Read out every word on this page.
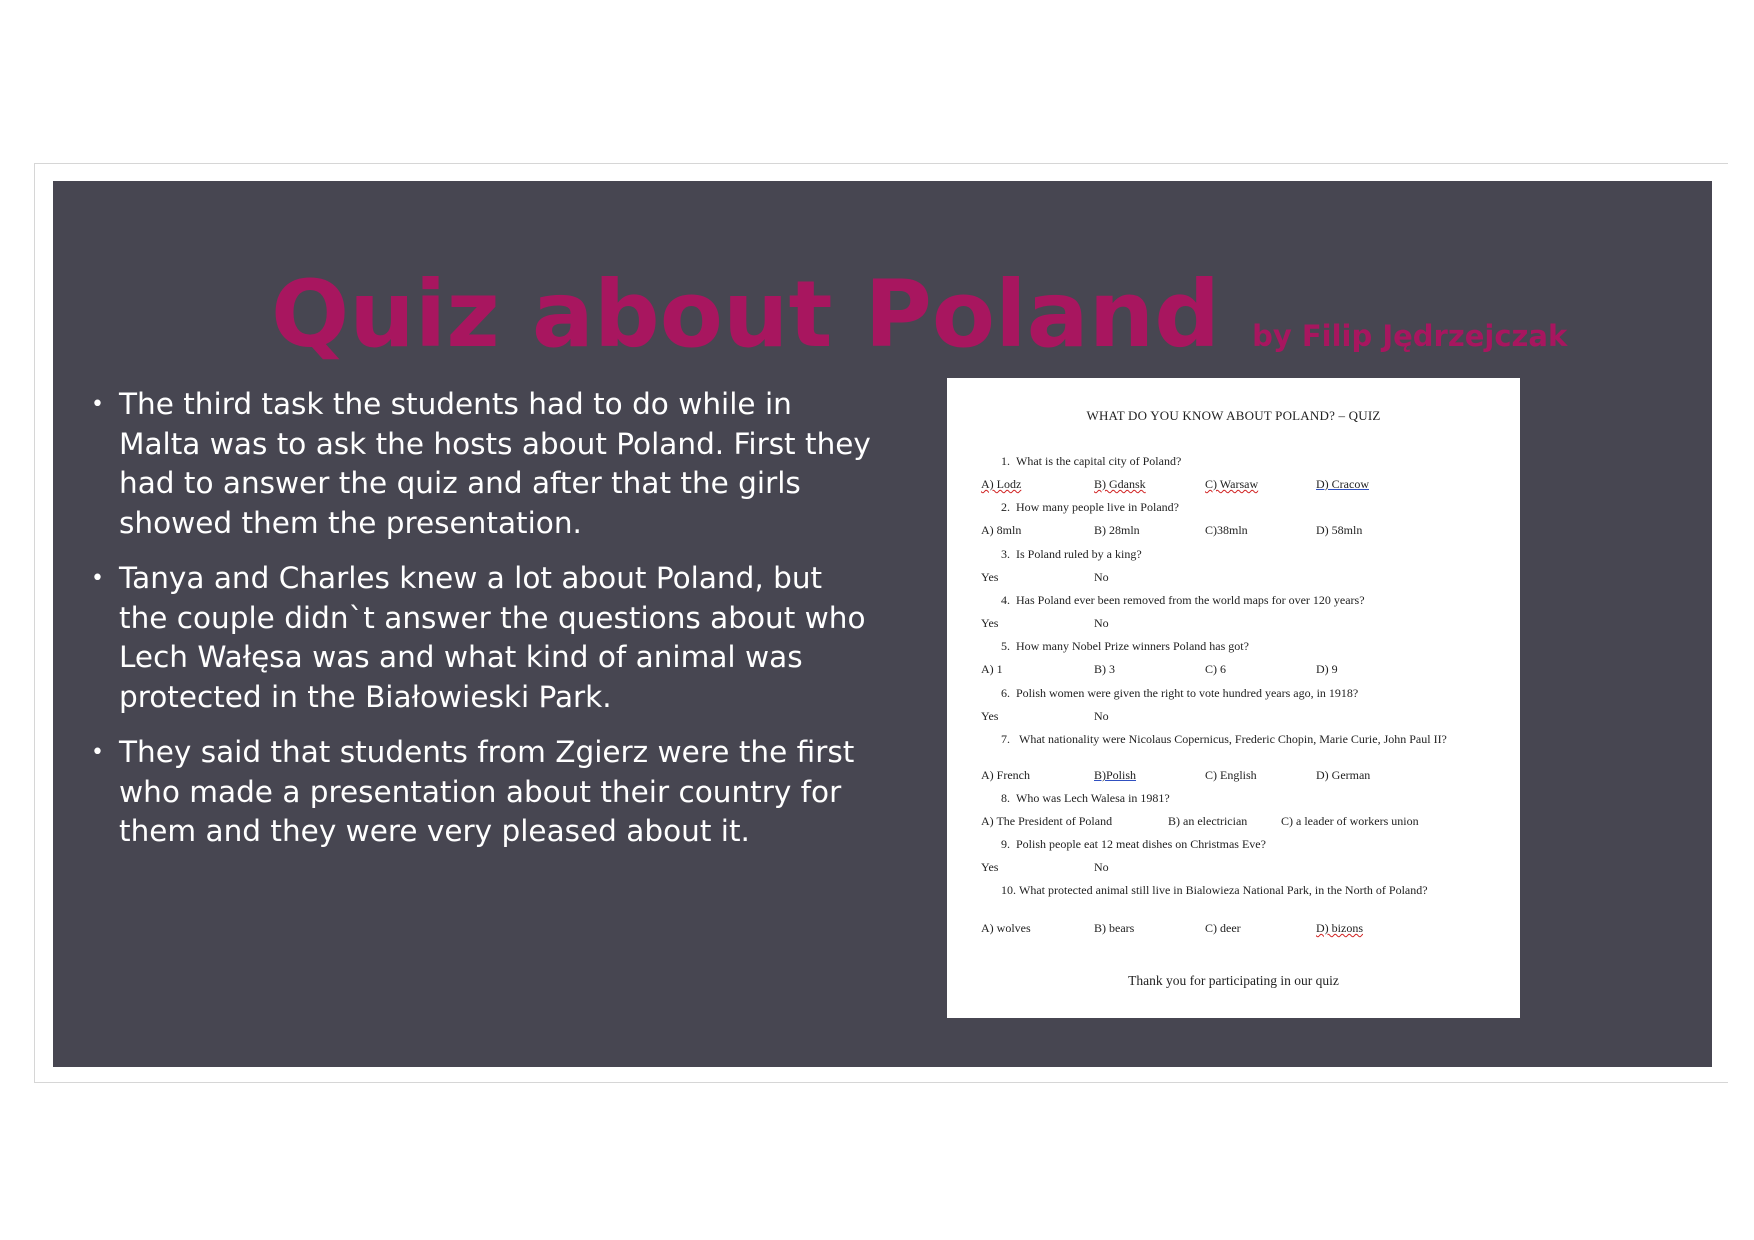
Quiz about Poland by Filip Jędrzejczak
• The third task the students had to do while in Malta was to ask the hosts about Poland. First they had to answer the quiz and after that the girls showed them the presentation.
• Tanya and Charles knew a lot about Poland, but the couple didn`t answer the questions about who Lech Wałęsa was and what kind of animal was protected in the Białowieski Park.
• They said that students from Zgierz were the first who made a presentation about their country for them and they were very pleased about it.
WHAT DO YOU KNOW ABOUT POLAND? – QUIZ
1. What is the capital city of Poland?
A) Lodz	B) Gdansk	C) Warsaw	D) Cracow
2. How many people live in Poland?
A) 8mln	B) 28mln	C)38mln	D) 58mln
3. Is Poland ruled by a king?
Yes	No
4. Has Poland ever been removed from the world maps for over 120 years?
Yes	No
5. How many Nobel Prize winners Poland has got?
A) 1	B) 3	C) 6	D) 9
6. Polish women were given the right to vote hundred years ago, in 1918?
Yes	No
7. What nationality were Nicolaus Copernicus, Frederic Chopin, Marie Curie, John Paul II?
A) French	B)Polish	C) English	D) German
8. Who was Lech Walesa in 1981?
A) The President of Poland	B) an electrician	C) a leader of workers union
9. Polish people eat 12 meat dishes on Christmas Eve?
Yes	No
10. What protected animal still live in Bialowieza National Park, in the North of Poland?
A) wolves	B) bears	C) deer	D) bizons
Thank you for participating in our quiz
